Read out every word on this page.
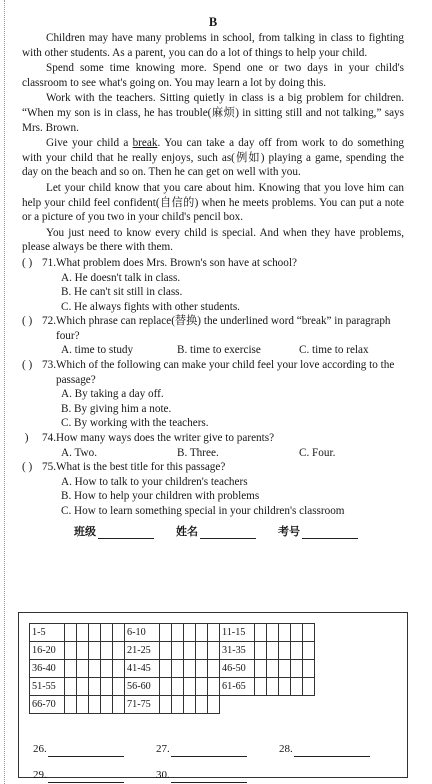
B

Children may have many problems in school, from talking in class to fighting with other students. As a parent, you can do a lot of things to help your child.

Spend some time knowing more. Spend one or two days in your child's classroom to see what's going on. You may learn a lot by doing this.

Work with the teachers. Sitting quietly in class is a big problem for children. “When my son is in class, he has trouble(麻烦) in sitting still and not talking,” says Mrs. Brown.

Give your child a break. You can take a day off from work to do something with your child that he really enjoys, such as(例如) playing a game, spending the day on the beach and so on. Then he can get on well with you.

Let your child know that you care about him. Knowing that you love him can help your child feel confident(自信的) when he meets problems. You can put a note or a picture of you two in your child's pencil box.

You just need to know every child is special. And when they have problems, please always be there with them.

( ) 71. What problem does Mrs. Brown's son have at school?
A. He doesn't talk in class.
B. He can't sit still in class.
C. He always fights with other students.
( ) 72. Which phrase can replace(替换) the underlined word “break” in paragraph four?
A. time to study	B. time to exercise	C. time to relax
( ) 73. Which of the following can make your child feel your love according to the passage?
A. By taking a day off.
B. By giving him a note.
C. By working with the teachers.
)	74. How many ways does the writer give to parents?
A. Two.	B. Three.	C. Four.
( ) 75. What is the best title for this passage?
A. How to talk to your children's teachers
B. How to help your children with problems
C. How to learn something special in your children's classroom
班级	姓名	考号
1-5						6-10						11-15					
16-20						21-25						31-35					
36-40						41-45						46-50					
51-55						56-60						61-65					
66-70						71-75											
26.	27.	28.
29.	30.
